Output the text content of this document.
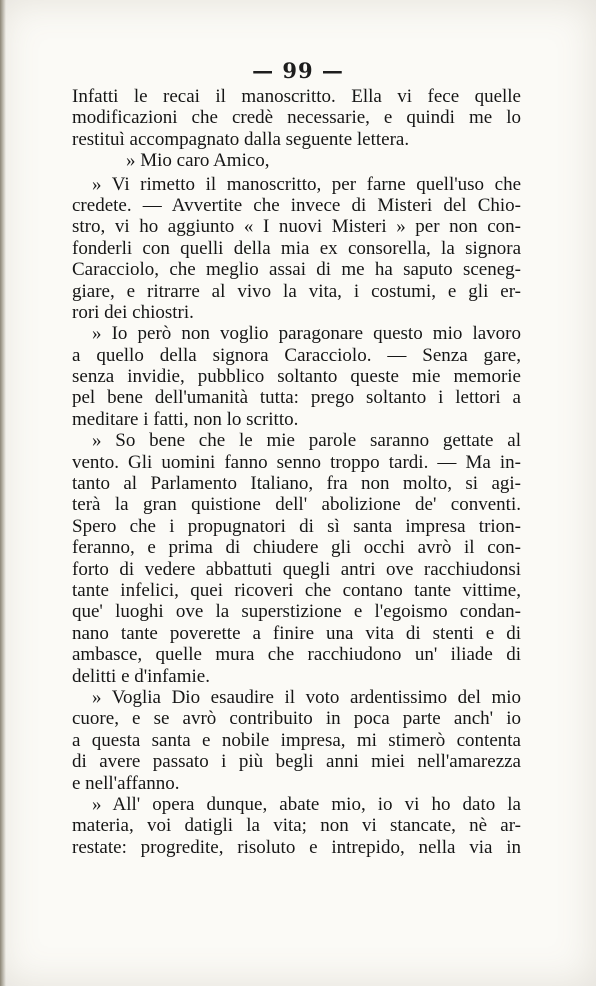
— 99 —
Infatti le recai il manoscritto. Ella vi fece quelle
modificazioni che credè necessarie, e quindi me lo
restituì accompagnato dalla seguente lettera.
» Mio caro Amico,
» Vi rimetto il manoscritto, per farne quell'uso che
credete. — Avvertite che invece di Misteri del Chio-
stro, vi ho aggiunto « I nuovi Misteri » per non con-
fonderli con quelli della mia ex consorella, la signora
Caracciolo, che meglio assai di me ha saputo sceneg-
giare, e ritrarre al vivo la vita, i costumi, e gli er-
rori dei chiostri.
» Io però non voglio paragonare questo mio lavoro
a quello della signora Caracciolo. — Senza gare,
senza invidie, pubblico soltanto queste mie memorie
pel bene dell'umanità tutta: prego soltanto i lettori a
meditare i fatti, non lo scritto.
» So bene che le mie parole saranno gettate al
vento. Gli uomini fanno senno troppo tardi. — Ma in-
tanto al Parlamento Italiano, fra non molto, si agi-
terà la gran quistione dell' abolizione de' conventi.
Spero che i propugnatori di sì santa impresa trion-
feranno, e prima di chiudere gli occhi avrò il con-
forto di vedere abbattuti quegli antri ove racchiudonsi
tante infelici, quei ricoveri che contano tante vittime,
que' luoghi ove la superstizione e l'egoismo condan-
nano tante poverette a finire una vita di stenti e di
ambasce, quelle mura che racchiudono un' iliade di
delitti e d'infamie.
» Voglia Dio esaudire il voto ardentissimo del mio
cuore, e se avrò contribuito in poca parte anch' io
a questa santa e nobile impresa, mi stimerò contenta
di avere passato i più begli anni miei nell'amarezza
e nell'affanno.
» All' opera dunque, abate mio, io vi ho dato la
materia, voi datigli la vita; non vi stancate, nè ar-
restate: progredite, risoluto e intrepido, nella via in
